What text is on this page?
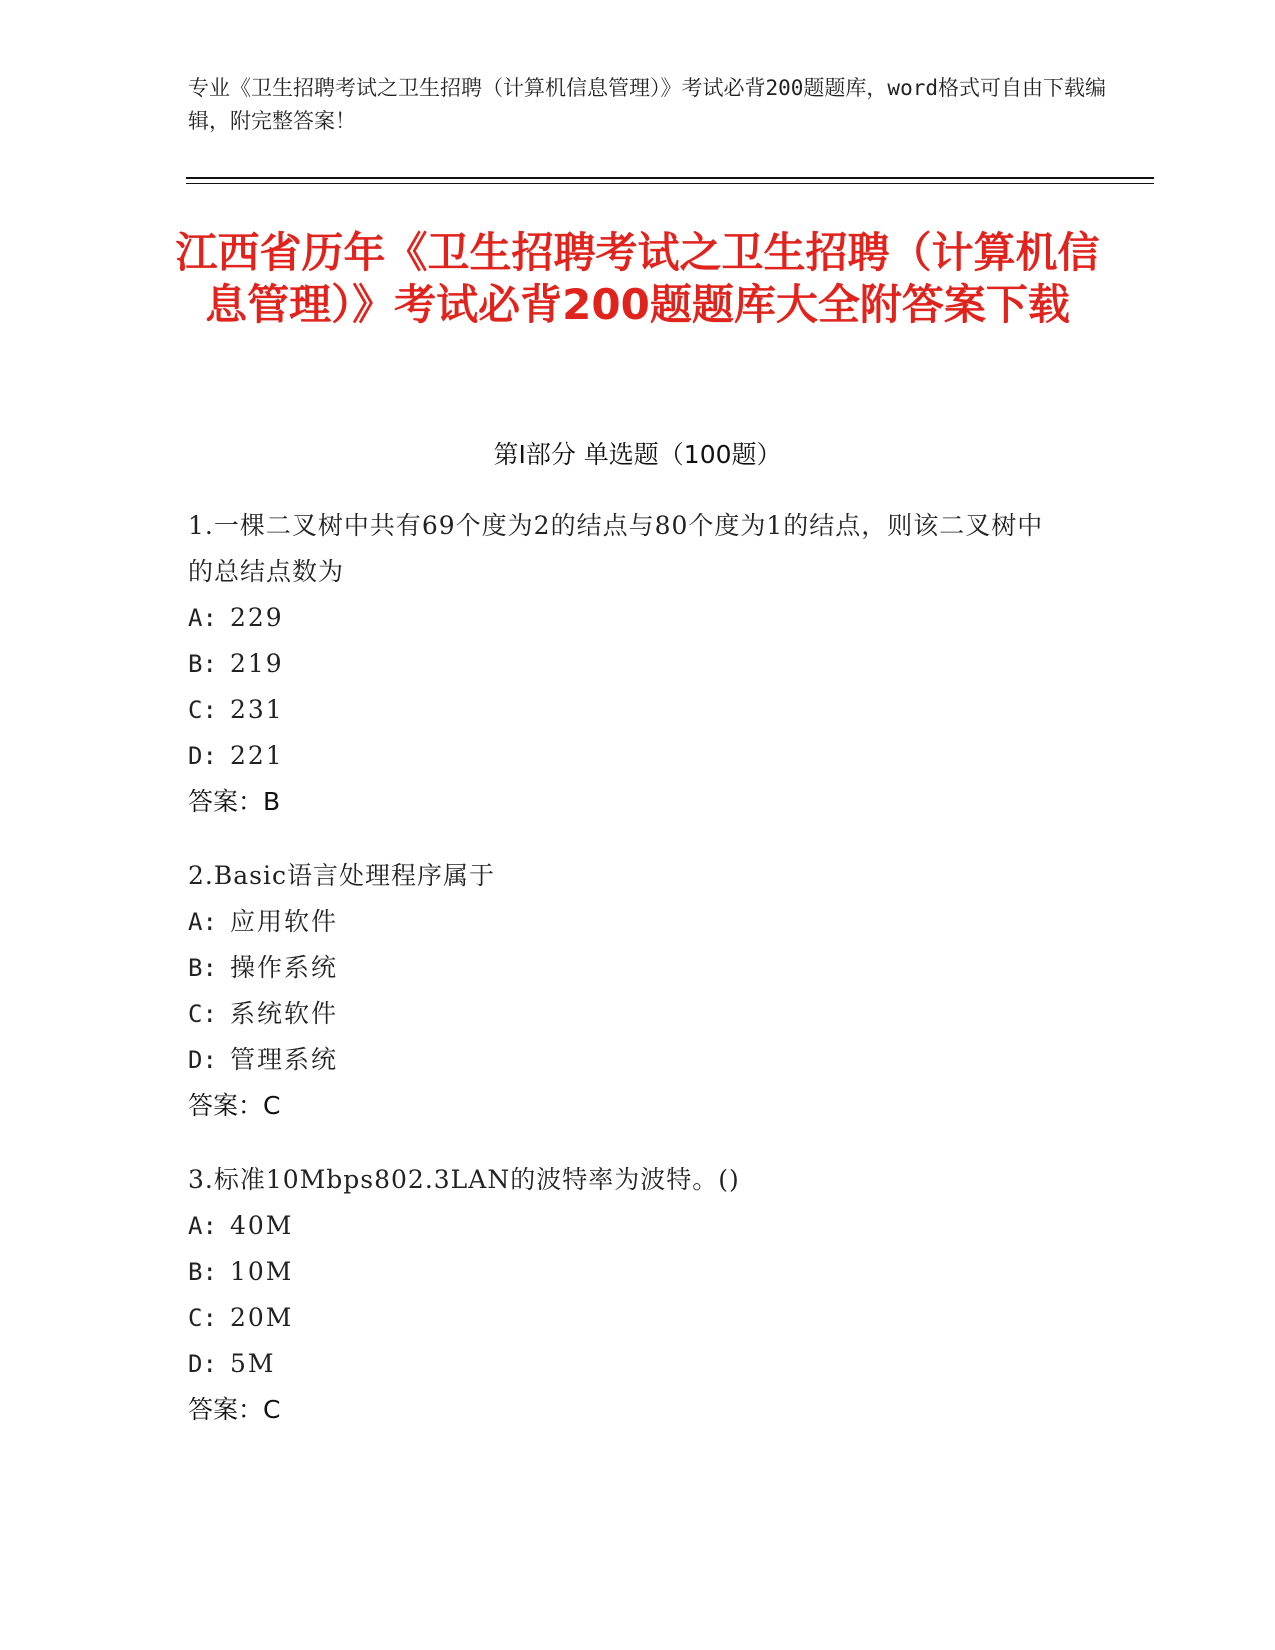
专业《卫生招聘考试之卫生招聘（计算机信息管理）》考试必背200题题库，word格式可自由下载编辑，附完整答案！
江西省历年《卫生招聘考试之卫生招聘（计算机信息管理）》考试必背200题题库大全附答案下载
第I部分 单选题（100题）
1.一棵二叉树中共有69个度为2的结点与80个度为1的结点，则该二叉树中的总结点数为
A: 229
B: 219
C: 231
D: 221
答案：B
2.Basic语言处理程序属于
A: 应用软件
B: 操作系统
C: 系统软件
D: 管理系统
答案：C
3.标准10Mbps802.3LAN的波特率为波特。()
A: 40M
B: 10M
C: 20M
D: 5M
答案：C
